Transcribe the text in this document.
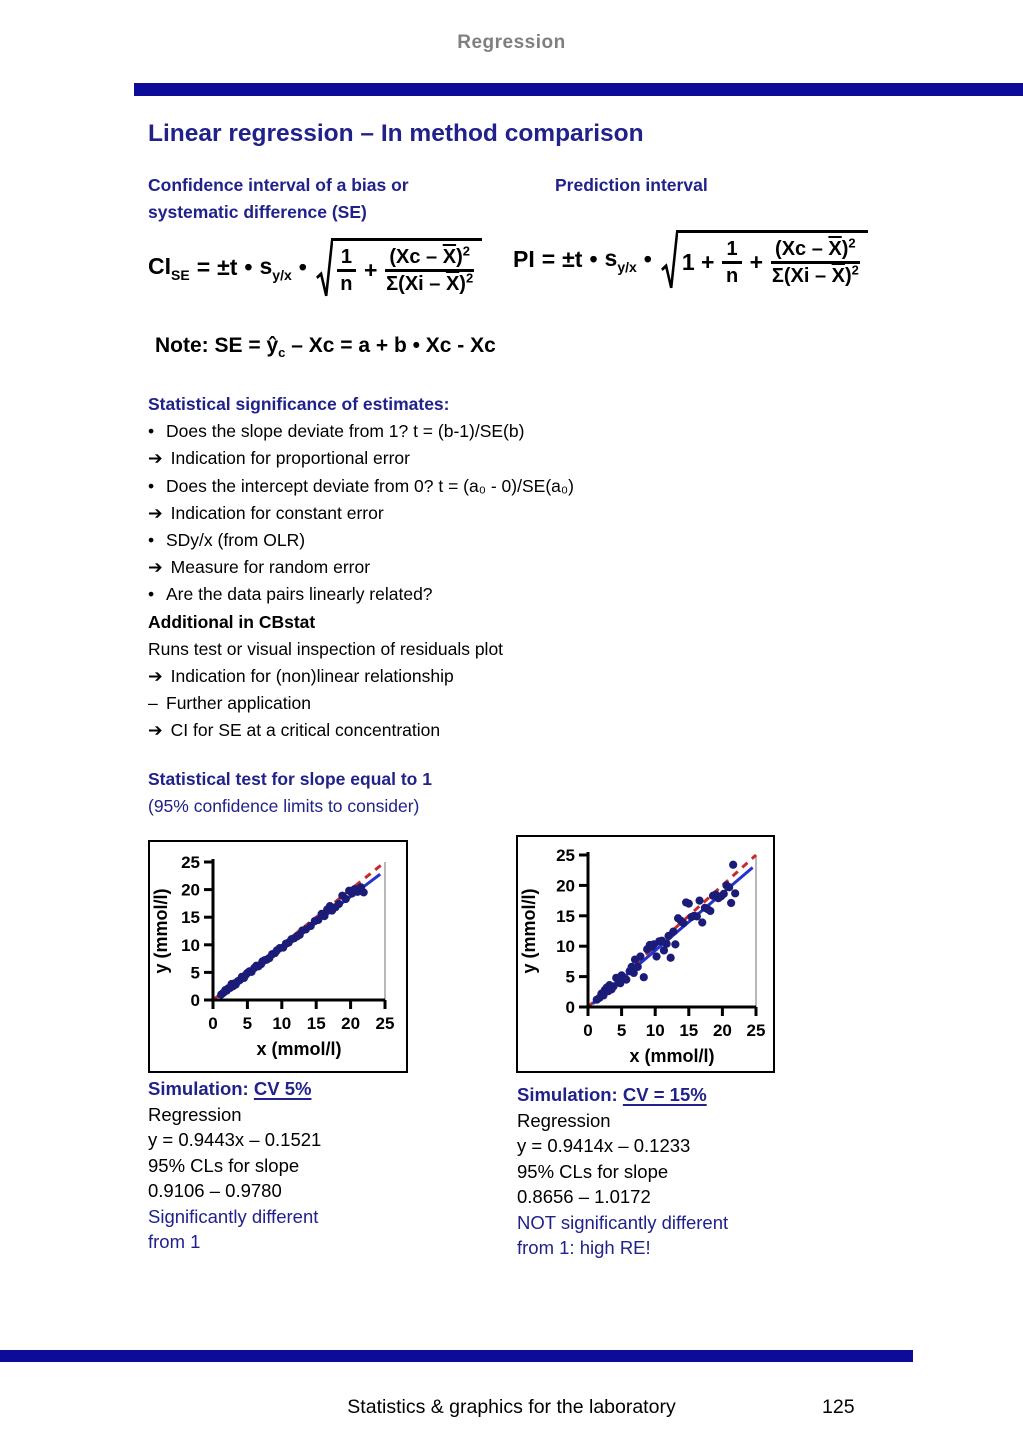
Regression
Linear regression – In method comparison
Confidence interval of a bias or
systematic difference (SE)
Prediction interval
$CI_{SE} = \pm t$ • $s_{y/x}$ • $\frac{1}{n} + \frac{(Xc - \overline{X})^2}{\Sigma(Xi - \overline{X})^2}$ PI = ±t • $s_{y/x}$ • $1 + \frac{1}{n} + \frac{(Xc - \overline{X})^2}{\Sigma(Xi - \overline{X})^2}$
Note: SE = $ŷ_c - Xc = a + b$ • Xc - Xc
Statistical significance of estimates:
• Does the slope deviate from 1? t = (b-1)/SE(b)
➔ Indication for proportional error
• Does the intercept deviate from 0? t = (a₀ - 0)/SE(a₀)
➔ Indication for constant error
• SDy/x (from OLR)
➔ Measure for random error
• Are the data pairs linearly related?
Additional in CBstat
Runs test or visual inspection of residuals plot
➔ Indication for (non)linear relationship
– Further application
➔ CI for SE at a critical concentration
Statistical test for slope equal to 1
(95% confidence limits to consider)
0
5
10
15
20
25
0 5 10 15 20 25
x (mmol/l)
y (mmol/l)
0
5
10
15
20
25
0 5 10 15 20 25
x (mmol/l)
y (mmol/l)
Simulation: CV 5%
Regression
y = 0.9443x – 0.1521
95% CLs for slope
0.9106 – 0.9780
Significantly different
from 1
Simulation: CV = 15%
Regression
y = 0.9414x – 0.1233
95% CLs for slope
0.8656 – 1.0172
NOT significantly different
from 1: high RE!
Statistics & graphics for the laboratory	125
